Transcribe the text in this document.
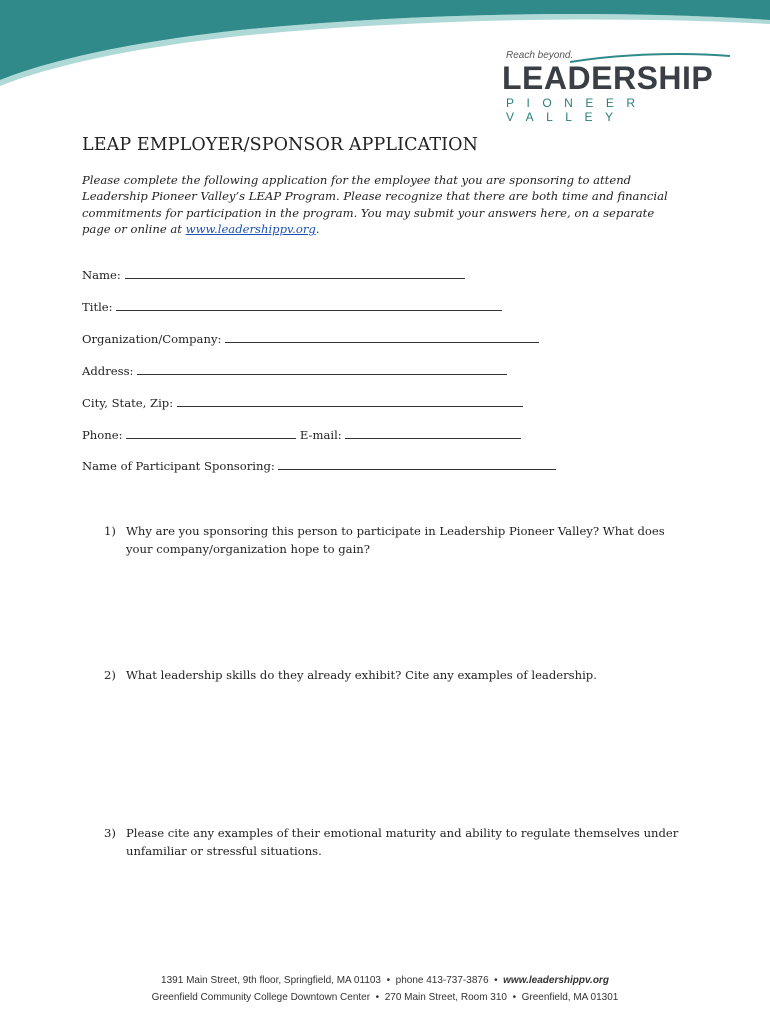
Reach beyond.
LEADERSHIP
PIONEER VALLEY
LEAP EMPLOYER/SPONSOR APPLICATION
Please complete the following application for the employee that you are sponsoring to attend Leadership Pioneer Valley’s LEAP Program. Please recognize that there are both time and financial commitments for participation in the program. You may submit your answers here, on a separate page or online at www.leadershippv.org.
Name:
Title:
Organization/Company:
Address:
City, State, Zip:
Phone:	E-mail:
Name of Participant Sponsoring:
1) Why are you sponsoring this person to participate in Leadership Pioneer Valley? What does your company/organization hope to gain?
2) What leadership skills do they already exhibit? Cite any examples of leadership.
3) Please cite any examples of their emotional maturity and ability to regulate themselves under unfamiliar or stressful situations.
1391 Main Street, 9th floor, Springfield, MA 01103 • phone 413-737-3876 • www.leadershippv.org
Greenfield Community College Downtown Center • 270 Main Street, Room 310 • Greenfield, MA 01301
